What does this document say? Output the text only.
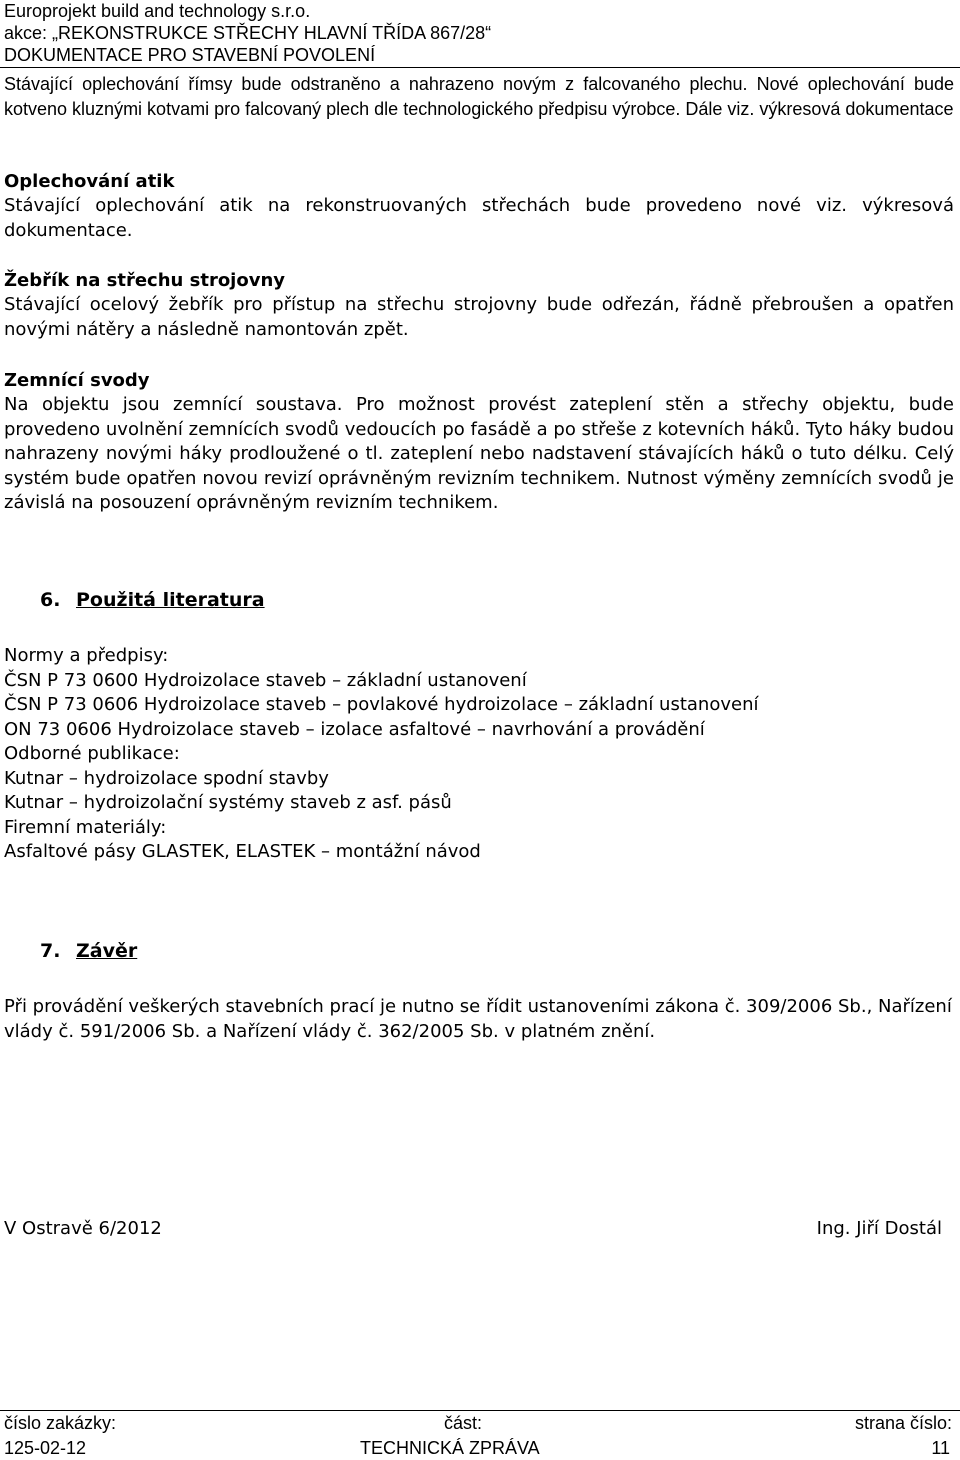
Europrojekt build and technology s.r.o.
akce: „REKONSTRUKCE STŘECHY HLAVNÍ TŘÍDA 867/28“
DOKUMENTACE PRO STAVEBNÍ POVOLENÍ

Stávající oplechování římsy bude odstraněno a nahrazeno novým z falcovaného plechu. Nové oplechování bude kotveno kluznými kotvami pro falcovaný plech dle technologického předpisu výrobce. Dále viz. výkresová dokumentace

Oplechování atik

Stávající oplechování atik na rekonstruovaných střechách bude provedeno nové viz. výkresová dokumentace.

Žebřík na střechu strojovny

Stávající ocelový žebřík pro přístup na střechu strojovny bude odřezán, řádně přebroušen a opatřen novými nátěry a následně namontován zpět.

Zemnící svody

Na objektu jsou zemnící soustava. Pro možnost provést zateplení stěn a střechy objektu, bude provedeno uvolnění zemnících svodů vedoucích po fasádě a po střeše z kotevních háků. Tyto háky budou nahrazeny novými háky prodloužené o tl. zateplení nebo nadstavení stávajících háků o tuto délku. Celý systém bude opatřen novou revizí oprávněným revizním technikem. Nutnost výměny zemnících svodů je závislá na posouzení oprávněným revizním technikem.

6. Použitá literatura

Normy a předpisy:

ČSN P 73 0600 Hydroizolace staveb – základní ustanovení

ČSN P 73 0606 Hydroizolace staveb – povlakové hydroizolace – základní ustanovení

ON 73 0606 Hydroizolace staveb – izolace asfaltové – navrhování a provádění

Odborné publikace:

Kutnar – hydroizolace spodní stavby

Kutnar – hydroizolační systémy staveb z asf. pásů

Firemní materiály:

Asfaltové pásy GLASTEK, ELASTEK – montážní návod

7. Závěr

Při provádění veškerých stavebních prací je nutno se řídit ustanoveními zákona č. 309/2006 Sb., Nařízení vlády č. 591/2006 Sb. a Nařízení vlády č. 362/2005 Sb. v platném znění.

V Ostravě 6/2012	Ing. Jiří Dostál
číslo zakázky:
125-02-12
část:
TECHNICKÁ ZPRÁVA
strana číslo:
11
